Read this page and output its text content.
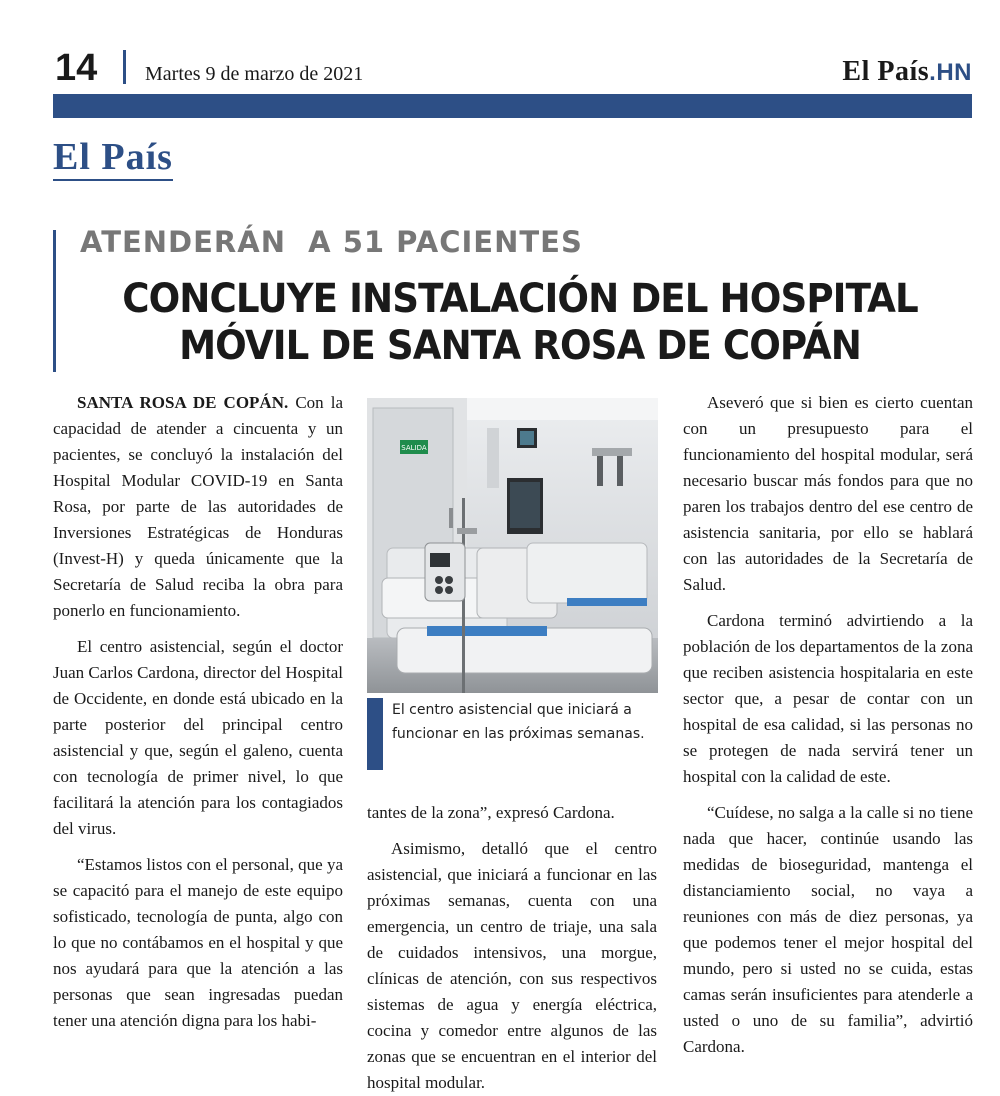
14 Martes 9 de marzo de 2021	El País.HN
El País
ATENDERÁN  A 51 PACIENTES
CONCLUYE INSTALACIÓN DEL HOSPITAL
MÓVIL DE SANTA ROSA DE COPÁN

SANTA ROSA DE COPÁN. Con la capacidad de atender a cincuenta y un pacientes, se concluyó la instalación del Hospital Modular COVID-19 en Santa Rosa, por parte de las autoridades de Inversiones Estratégicas de Honduras (Invest-H) y queda únicamente que la Secretaría de Salud reciba la obra para ponerlo en funcionamiento.

El centro asistencial, según el doctor Juan Carlos Cardona, director del Hospital de Occidente, en donde está ubicado en la parte posterior del principal centro asistencial y que, según el galeno, cuenta con tecnología de primer nivel, lo que facilitará la atención para los contagiados del virus.

“Estamos listos con el personal, que ya se capacitó para el manejo de este equipo sofisticado, tecnología de punta, algo con lo que no contábamos en el hospital y que nos ayudará para que la atención a las personas que sean ingresadas puedan tener una atención digna para los habi-

SALIDA
El centro asistencial que iniciará a funcionar en las próximas semanas.

tantes de la zona”, expresó Cardona.

Asimismo, detalló que el centro asistencial, que iniciará a funcionar en las próximas semanas, cuenta con una emergencia, un centro de triaje, una sala de cuidados intensivos, una morgue, clínicas de atención, con sus respectivos sistemas de agua y energía eléctrica, cocina y comedor entre algunos de las zonas que se encuentran en el interior del hospital modular.

Aseveró que si bien es cierto cuentan con un presupuesto para el funcionamiento del hospital modular, será necesario buscar más fondos para que no paren los trabajos dentro del ese centro de asistencia sanitaria, por ello se hablará con las autoridades de la Secretaría de Salud.

Cardona terminó advirtiendo a la población de los departamentos de la zona que reciben asistencia hospitalaria en este sector que, a pesar de contar con un hospital de esa calidad, si las personas no se protegen de nada servirá tener un hospital con la calidad de este.

“Cuídese, no salga a la calle si no tiene nada que hacer, continúe usando las medidas de bioseguridad, mantenga el distanciamiento social, no vaya a reuniones con más de diez personas, ya que podemos tener el mejor hospital del mundo, pero si usted no se cuida, estas camas serán insuficientes para atenderle a usted o uno de su familia”, advirtió Cardona.
